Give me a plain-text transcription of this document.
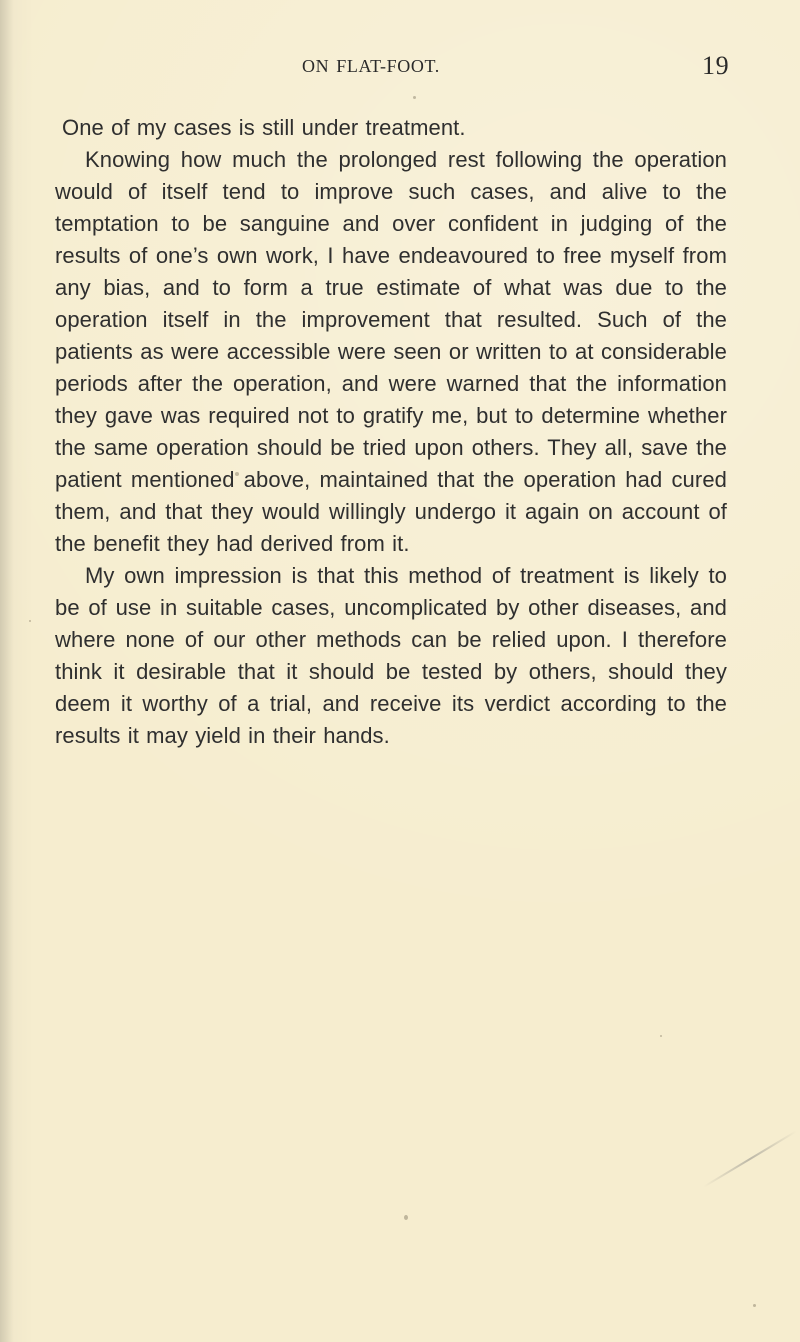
ON FLAT-FOOT.	19

One of my cases is still under treatment.

Knowing how much the prolonged rest following the operation would of itself tend to improve such cases, and alive to the temptation to be sanguine and over confident in judging of the results of one’s own work, I have endeavoured to free myself from any bias, and to form a true estimate of what was due to the operation itself in the improvement that resulted. Such of the patients as were accessible were seen or written to at considerable periods after the operation, and were warned that the information they gave was required not to gratify me, but to determine whether the same operation should be tried upon others. They all, save the patient mentioned above, maintained that the operation had cured them, and that they would willingly undergo it again on account of the benefit they had derived from it.

My own impression is that this method of treatment is likely to be of use in suitable cases, uncomplicated by other diseases, and where none of our other methods can be relied upon. I therefore think it desirable that it should be tested by others, should they deem it worthy of a trial, and receive its verdict according to the results it may yield in their hands.
